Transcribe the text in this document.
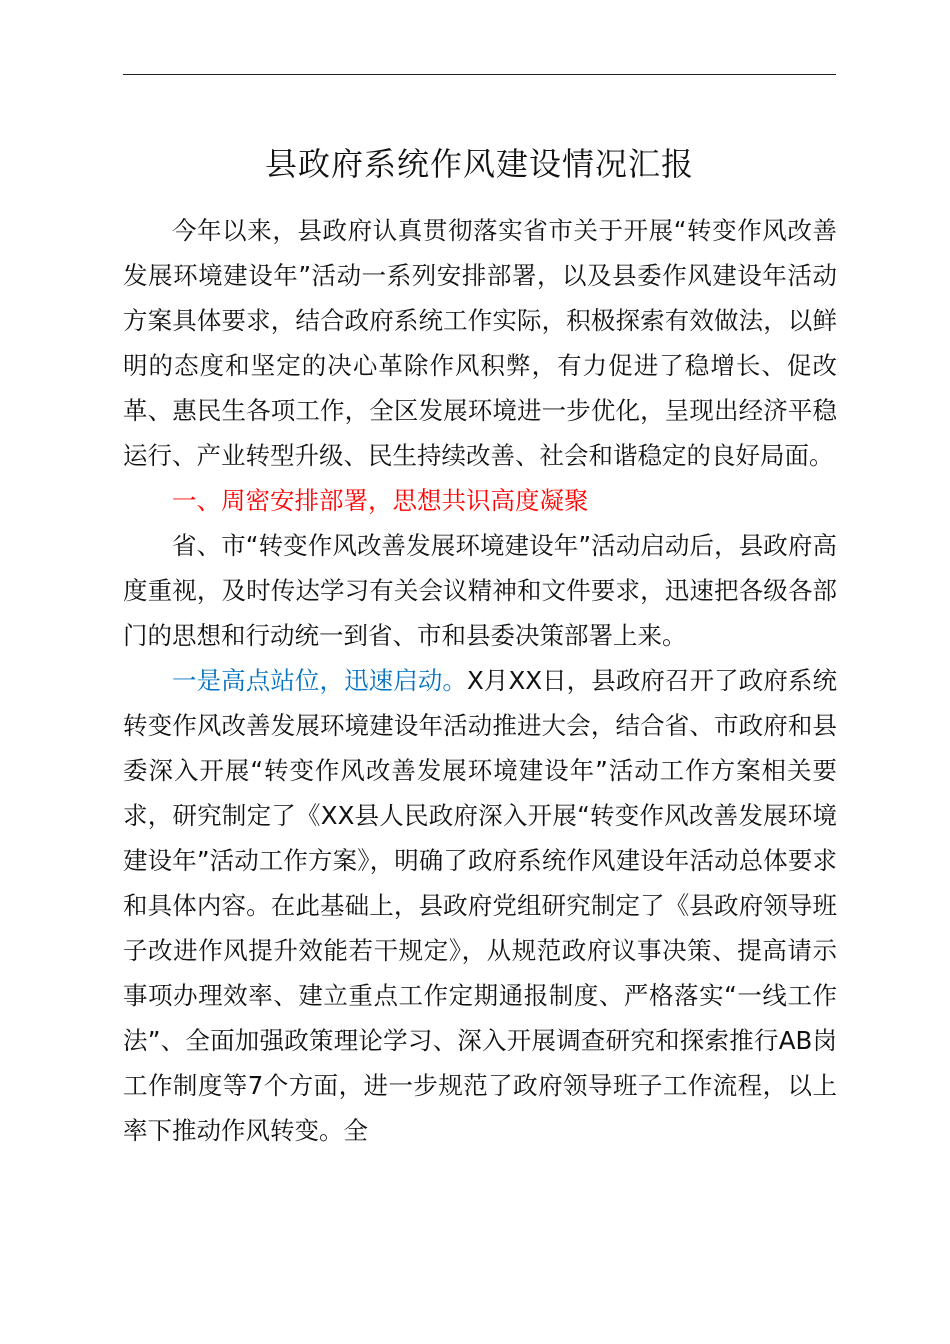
县政府系统作风建设情况汇报

今年以来，县政府认真贯彻落实省市关于开展“转变作风改善发展环境建设年”活动一系列安排部署，以及县委作风建设年活动方案具体要求，结合政府系统工作实际，积极探索有效做法，以鲜明的态度和坚定的决心革除作风积弊，有力促进了稳增长、促改革、惠民生各项工作，全区发展环境进一步优化，呈现出经济平稳运行、产业转型升级、民生持续改善、社会和谐稳定的良好局面。

一、周密安排部署，思想共识高度凝聚

省、市“转变作风改善发展环境建设年”活动启动后，县政府高度重视，及时传达学习有关会议精神和文件要求，迅速把各级各部门的思想和行动统一到省、市和县委决策部署上来。

一是高点站位，迅速启动。X月XX日，县政府召开了政府系统转变作风改善发展环境建设年活动推进大会，结合省、市政府和县委深入开展“转变作风改善发展环境建设年”活动工作方案相关要求，研究制定了《XX县人民政府深入开展“转变作风改善发展环境建设年”活动工作方案》，明确了政府系统作风建设年活动总体要求和具体内容。在此基础上，县政府党组研究制定了《县政府领导班子改进作风提升效能若干规定》，从规范政府议事决策、提高请示事项办理效率、建立重点工作定期通报制度、严格落实“一线工作法”、全面加强政策理论学习、深入开展调查研究和探索推行AB岗工作制度等7个方面，进一步规范了政府领导班子工作流程，以上率下推动作风转变。全
